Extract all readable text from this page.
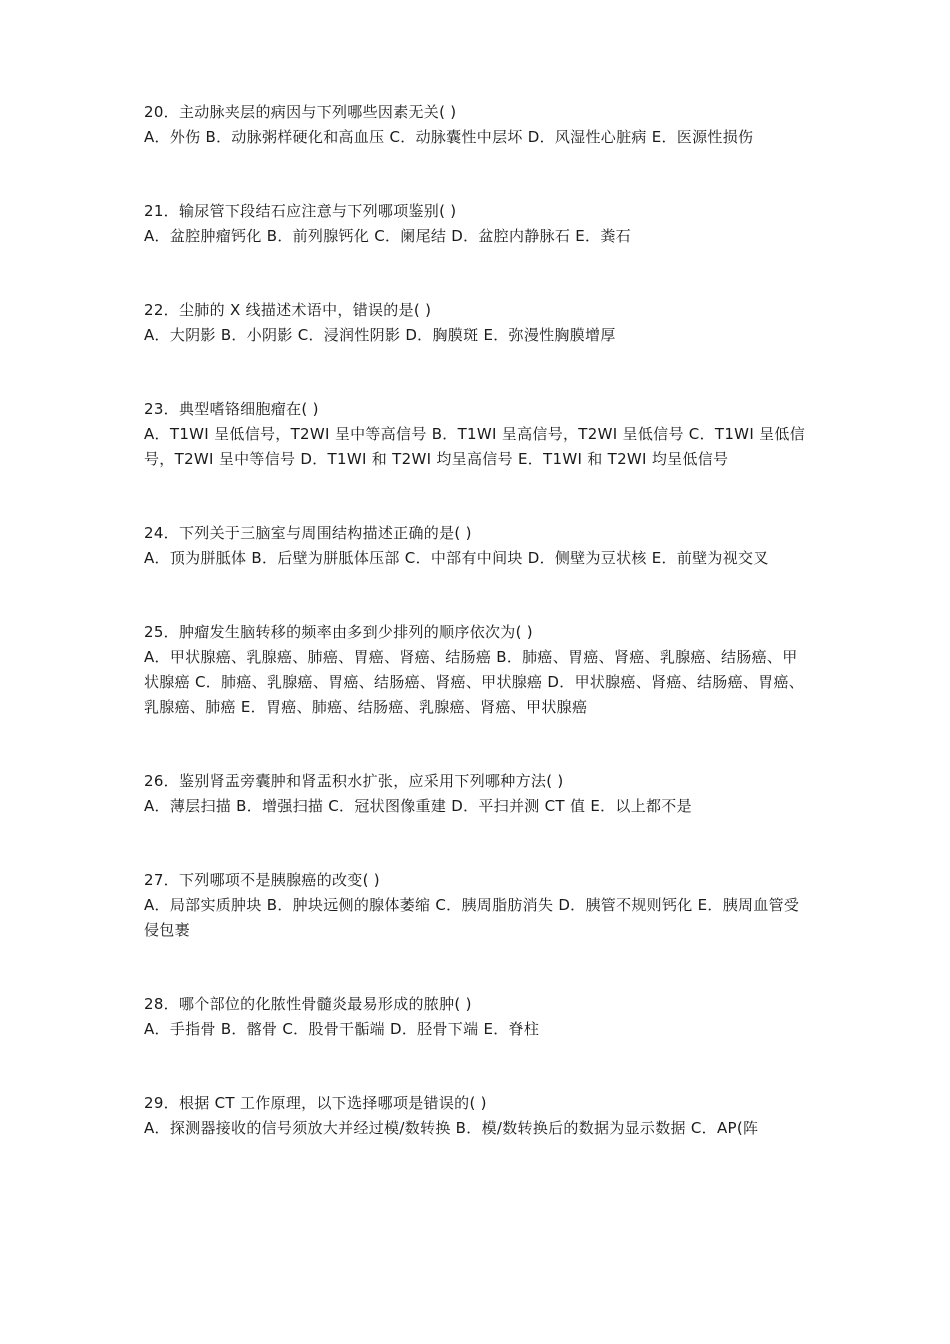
20．主动脉夹层的病因与下列哪些因素无关( )

A．外伤 B．动脉粥样硬化和高血压 C．动脉囊性中层坏 D．风湿性心脏病 E．医源性损伤

21．输尿管下段结石应注意与下列哪项鉴别( )

A．盆腔肿瘤钙化 B．前列腺钙化 C．阑尾结 D．盆腔内静脉石 E．粪石

22．尘肺的 X 线描述术语中，错误的是( )

A．大阴影 B．小阴影 C．浸润性阴影 D．胸膜斑 E．弥漫性胸膜增厚

23．典型嗜铬细胞瘤在( )

A．T1WI 呈低信号，T2WI 呈中等高信号 B．T1WI 呈高信号，T2WI 呈低信号 C．T1WI 呈低信号，T2WI 呈中等信号 D．T1WI 和 T2WI 均呈高信号 E．T1WI 和 T2WI 均呈低信号

24．下列关于三脑室与周围结构描述正确的是( )

A．顶为胼胝体 B．后壁为胼胝体压部 C．中部有中间块 D．侧壁为豆状核 E．前壁为视交叉

25．肿瘤发生脑转移的频率由多到少排列的顺序依次为( )

A．甲状腺癌、乳腺癌、肺癌、胃癌、肾癌、结肠癌 B．肺癌、胃癌、肾癌、乳腺癌、结肠癌、甲状腺癌 C．肺癌、乳腺癌、胃癌、结肠癌、肾癌、甲状腺癌 D．甲状腺癌、肾癌、结肠癌、胃癌、乳腺癌、肺癌 E．胃癌、肺癌、结肠癌、乳腺癌、肾癌、甲状腺癌

26．鉴别肾盂旁囊肿和肾盂积水扩张，应采用下列哪种方法( )

A．薄层扫描 B．增强扫描 C．冠状图像重建 D．平扫并测 CT 值 E．以上都不是

27．下列哪项不是胰腺癌的改变( )

A．局部实质肿块 B．肿块远侧的腺体萎缩 C．胰周脂肪消失 D．胰管不规则钙化 E．胰周血管受侵包裹

28．哪个部位的化脓性骨髓炎最易形成的脓肿( )

A．手指骨 B．髂骨 C．股骨干骺端 D．胫骨下端 E．脊柱

29．根据 CT 工作原理，以下选择哪项是错误的( )

A．探测器接收的信号须放大并经过模/数转换 B．模/数转换后的数据为显示数据 C．AP(阵
